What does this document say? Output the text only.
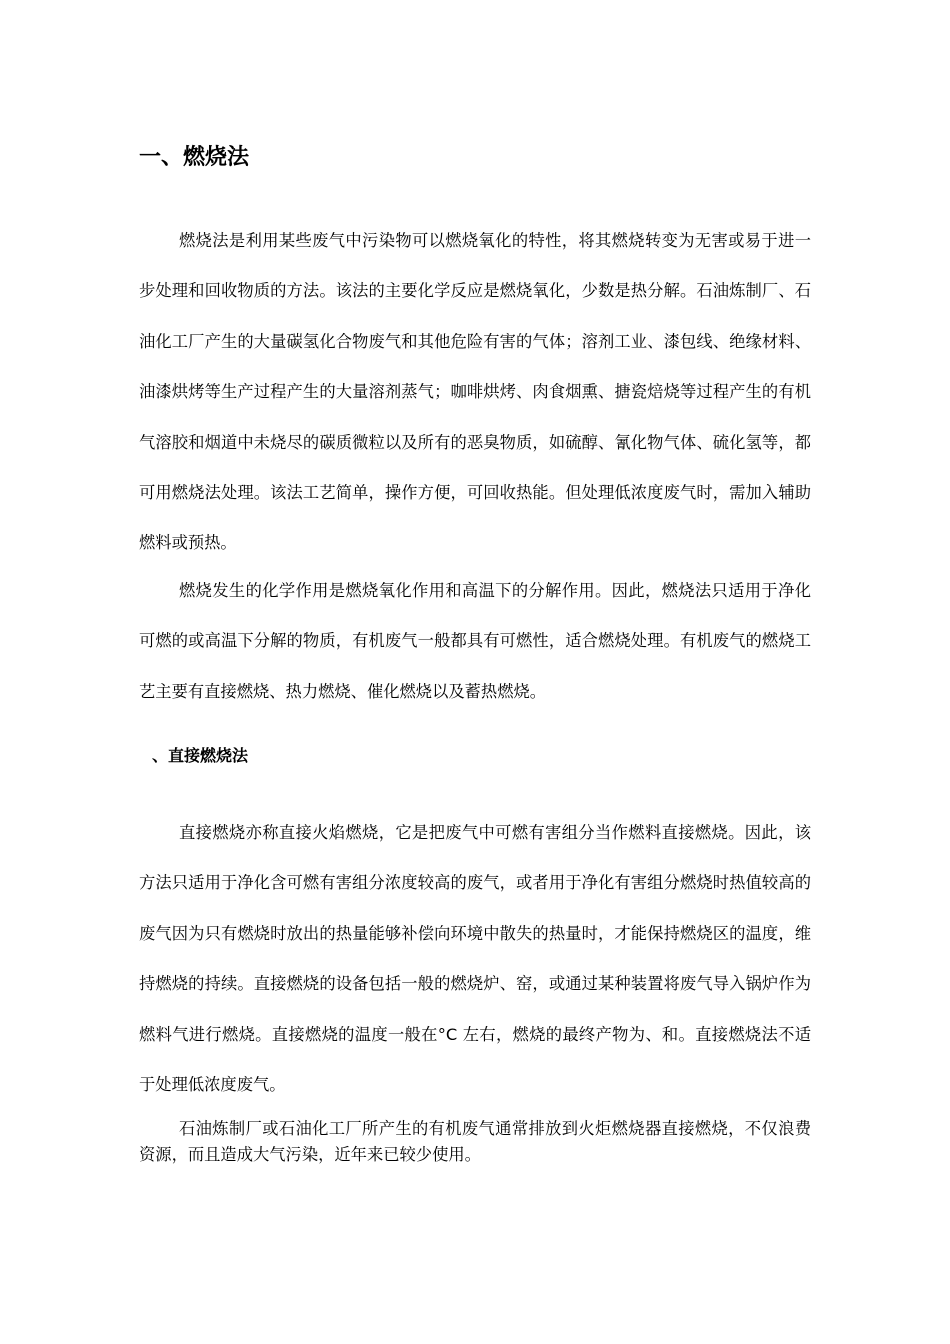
一、燃烧法

燃烧法是利用某些废气中污染物可以燃烧氧化的特性，将其燃烧转变为无害或易于进一步处理和回收物质的方法。该法的主要化学反应是燃烧氧化，少数是热分解。石油炼制厂、石油化工厂产生的大量碳氢化合物废气和其他危险有害的气体；溶剂工业、漆包线、绝缘材料、油漆烘烤等生产过程产生的大量溶剂蒸气；咖啡烘烤、肉食烟熏、搪瓷焙烧等过程产生的有机气溶胶和烟道中未烧尽的碳质微粒以及所有的恶臭物质，如硫醇、氰化物气体、硫化氢等，都可用燃烧法处理。该法工艺简单，操作方便，可回收热能。但处理低浓度废气时，需加入辅助燃料或预热。

燃烧发生的化学作用是燃烧氧化作用和高温下的分解作用。因此，燃烧法只适用于净化可燃的或高温下分解的物质，有机废气一般都具有可燃性，适合燃烧处理。有机废气的燃烧工艺主要有直接燃烧、热力燃烧、催化燃烧以及蓄热燃烧。

、直接燃烧法

直接燃烧亦称直接火焰燃烧，它是把废气中可燃有害组分当作燃料直接燃烧。因此，该方法只适用于净化含可燃有害组分浓度较高的废气，或者用于净化有害组分燃烧时热值较高的废气因为只有燃烧时放出的热量能够补偿向环境中散失的热量时，才能保持燃烧区的温度，维持燃烧的持续。直接燃烧的设备包括一般的燃烧炉、窑，或通过某种装置将废气导入锅炉作为燃料气进行燃烧。直接燃烧的温度一般在°C 左右，燃烧的最终产物为、和。直接燃烧法不适于处理低浓度废气。

石油炼制厂或石油化工厂所产生的有机废气通常排放到火炬燃烧器直接燃烧，不仅浪费资源，而且造成大气污染，近年来已较少使用。
